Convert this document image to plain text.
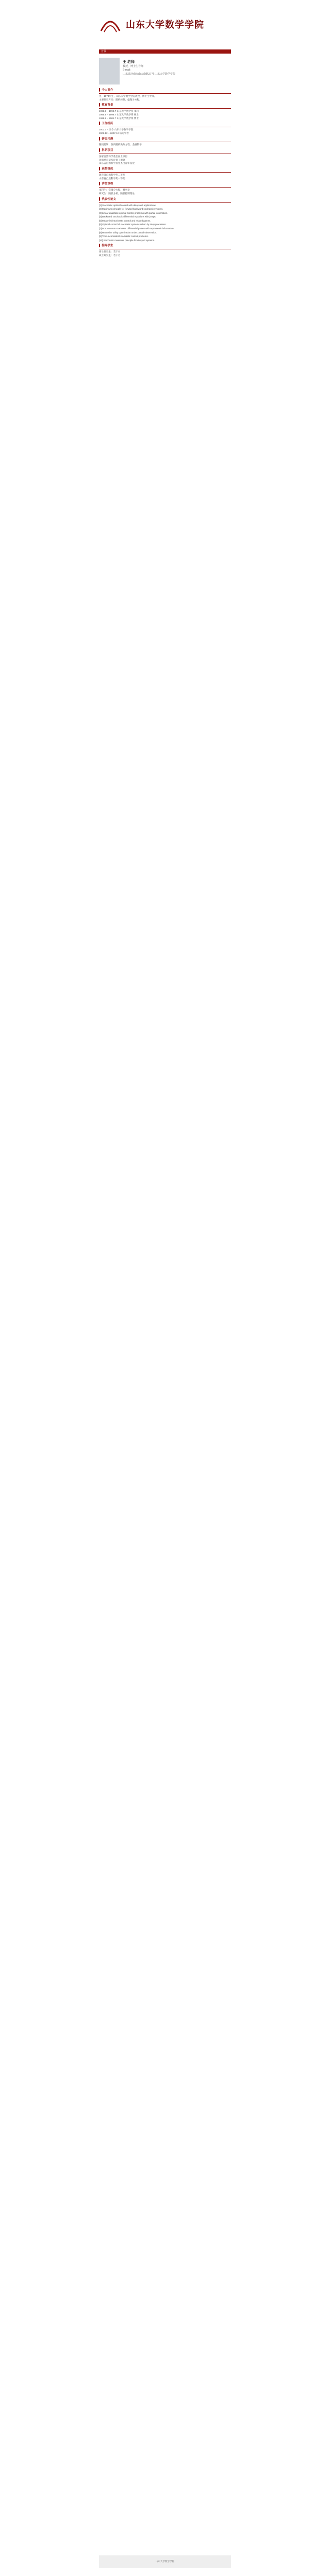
山东大学数学学院
首页
王 老师
教授，博士生导师
E-mail:
山东省济南市山大南路27号 山东大学数学学院
▌ 个人简介
男，1973年生，山东大学数学学院教授、博士生导师。
主要研究方向：随机控制、偏微分方程。
▌ 教育背景
1991.9 – 1995.7 山东大学数学系 本科
1995.9 – 1998.7 山东大学数学系 硕士
1998.9 – 2001.7 山东大学数学系 博士
▌ 工作经历
2001.7 – 至今 山东大学数学学院
2006.12 – 2007.12 访问学者
▌ 研究兴趣
随机控制、倒向随机微分方程、金融数学
▌ 科研项目
国家自然科学基金面上项目
国家重点研发计划子课题
山东省自然科学基金杰出青年基金
▌ 获奖情况
教育部自然科学奖二等奖
山东省自然科学奖一等奖
▌ 讲授课程
本科生：常微分方程、概率论
研究生：随机分析、随机控制理论
▌ 代表性论文
[1] Stochastic optimal control with delay and applications.
[2] Maximum principle for forward-backward stochastic systems.
[3] Linear-quadratic optimal control problems with partial information.
[4] Backward stochastic differential equations with jumps.
[5] Mean-field stochastic control and related games.
[6] Optimal control of stochastic systems driven by Lévy processes.
[7] Nonzero-sum stochastic differential games with asymmetric information.
[8] Recursive utility optimization under partial observation.
[9] Time-inconsistent stochastic control problems.
[10] Stochastic maximum principle for delayed systems.
▌ 指导学生
博士研究生：若干名
硕士研究生：若干名
山东大学数学学院
